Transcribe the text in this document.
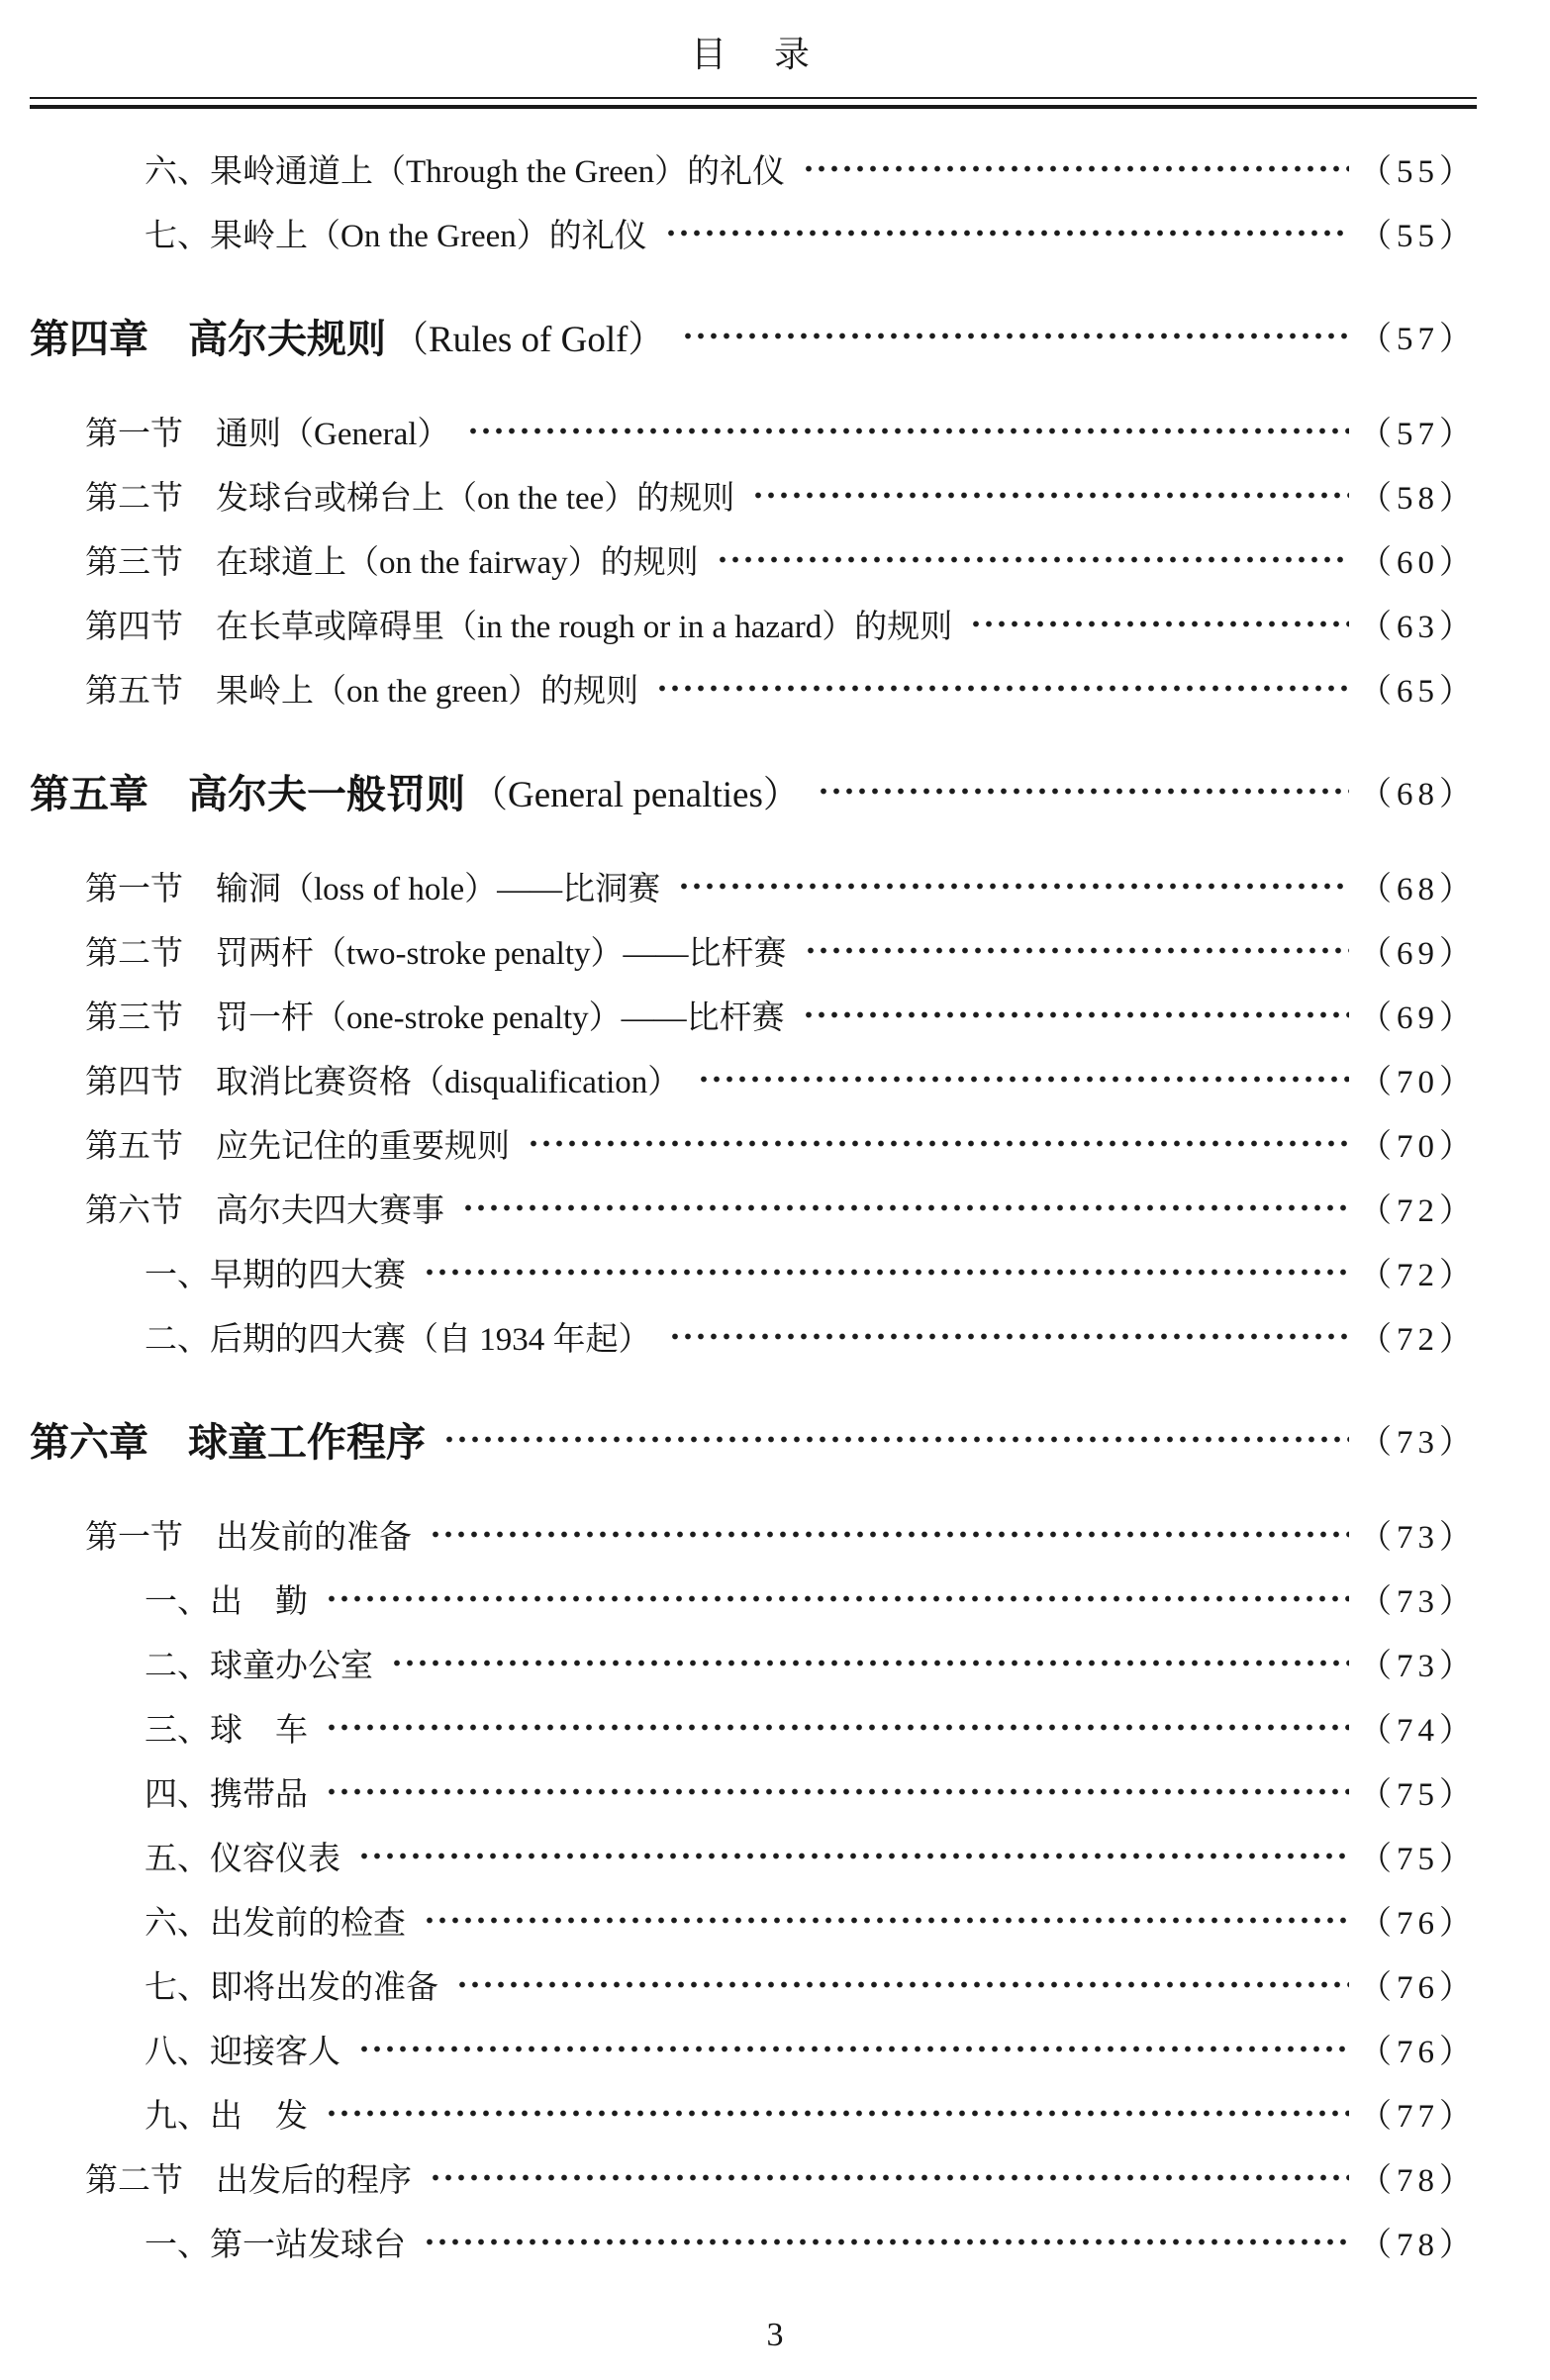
目　录
六、果岭通道上（Through the Green）的礼仪	（55）
七、果岭上（On the Green）的礼仪	（55）
第四章　高尔夫规则 （Rules of Golf）	（57）
第一节　通则（General）	（57）
第二节　发球台或梯台上（on the tee）的规则	（58）
第三节　在球道上（on the fairway）的规则	（60）
第四节　在长草或障碍里（in the rough or in a hazard）的规则	（63）
第五节　果岭上（on the green）的规则	（65）
第五章　高尔夫一般罚则 （General penalties）	（68）
第一节　输洞（loss of hole）——比洞赛	（68）
第二节　罚两杆（two-stroke penalty）——比杆赛	（69）
第三节　罚一杆（one-stroke penalty）——比杆赛	（69）
第四节　取消比赛资格（disqualification）	（70）
第五节　应先记住的重要规则	（70）
第六节　高尔夫四大赛事	（72）
一、早期的四大赛	（72）
二、后期的四大赛（自 1934 年起）	（72）
第六章　球童工作程序	（73）
第一节　出发前的准备	（73）
一、出　勤	（73）
二、球童办公室	（73）
三、球　车	（74）
四、携带品	（75）
五、仪容仪表	（75）
六、出发前的检查	（76）
七、即将出发的准备	（76）
八、迎接客人	（76）
九、出　发	（77）
第二节　出发后的程序	（78）
一、第一站发球台	（78）
3
